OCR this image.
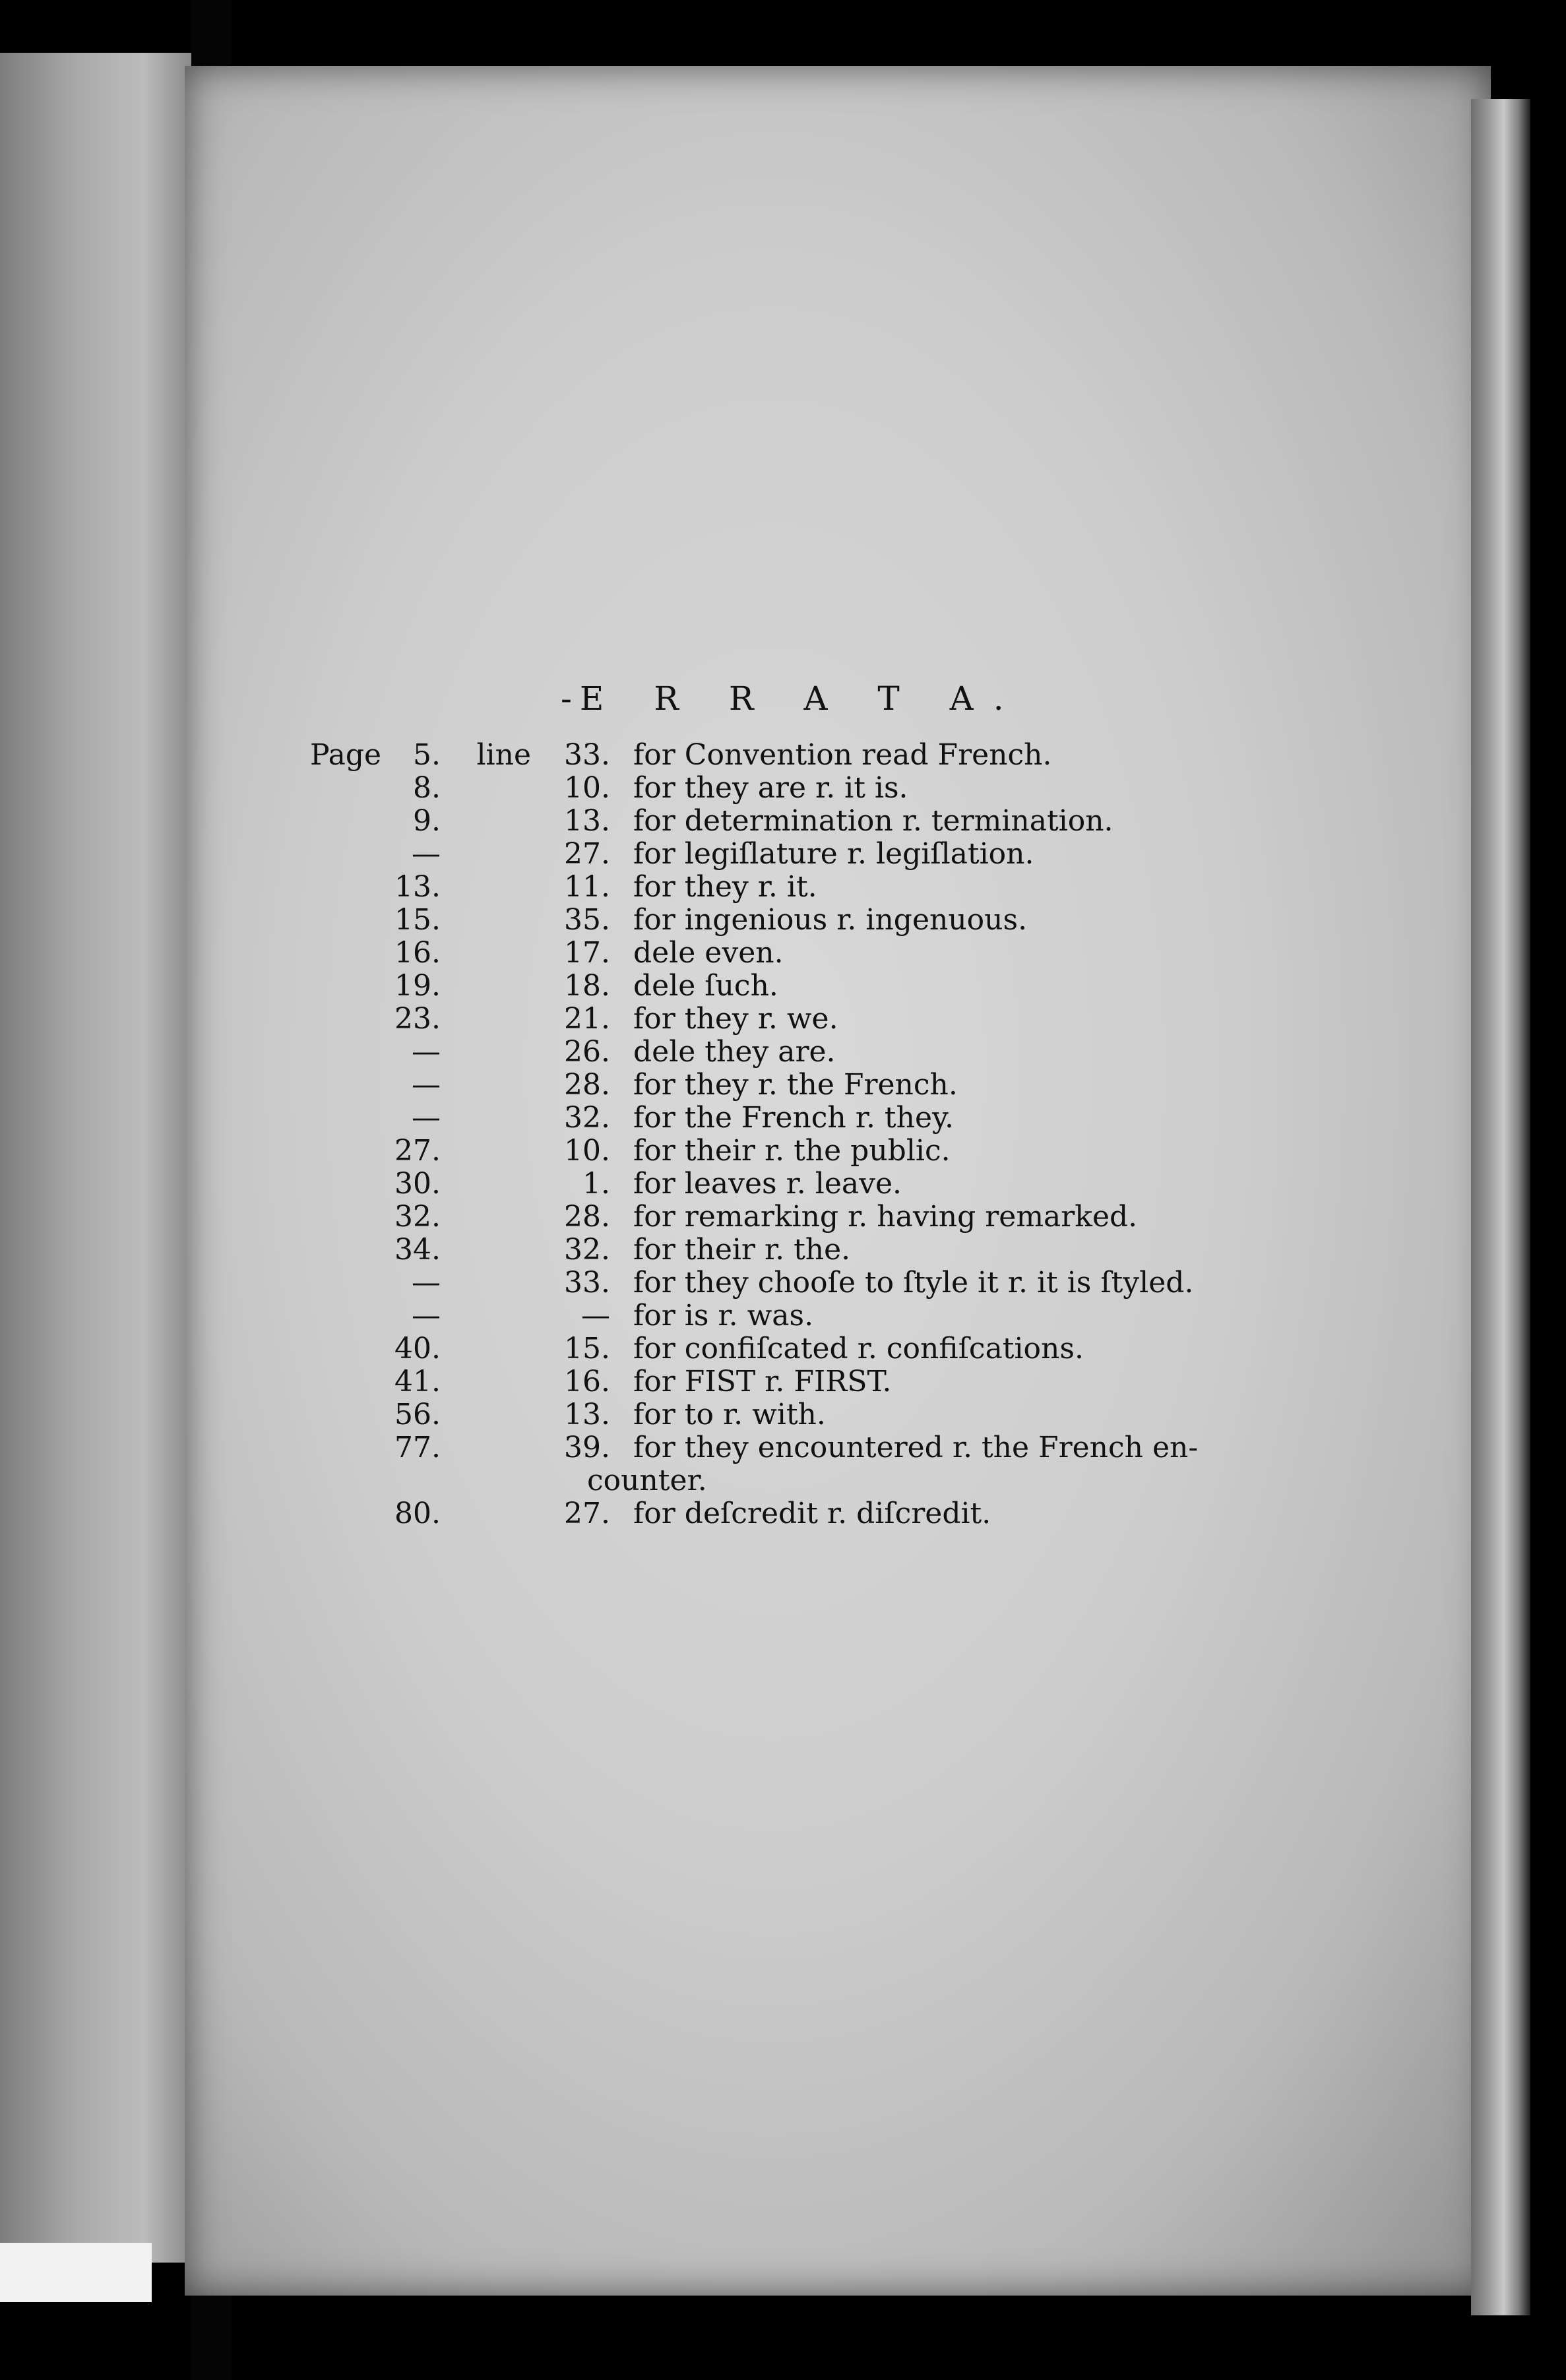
- E R R A T A.
Page	5.	line	33. for Convention read French.
8.	10. for they are r. it is.
9.	13. for determination r. termination.
—	27. for legiſlature r. legiſlation.
13.	11. for they r. it.
15.	35. for ingenious r. ingenuous.
16.	17. dele even.
19.	18. dele ſuch.
23.	21. for they r. we.
—	26. dele they are.
—	28. for they r. the French.
—	32. for the French r. they.
27.	10. for their r. the public.
30.	1. for leaves r. leave.
32.	28. for remarking r. having remarked.
34.	32. for their r. the.
—	33. for they chooſe to ſtyle it r. it is ſtyled.
—	— for is r. was.
40.	15. for confiſcated r. confiſcations.
41.	16. for FIST r. FIRST.
56.	13. for to r. with.
77.	39. for they encountered r. the French en-
counter.
80.	27. for deſcredit r. diſcredit.
